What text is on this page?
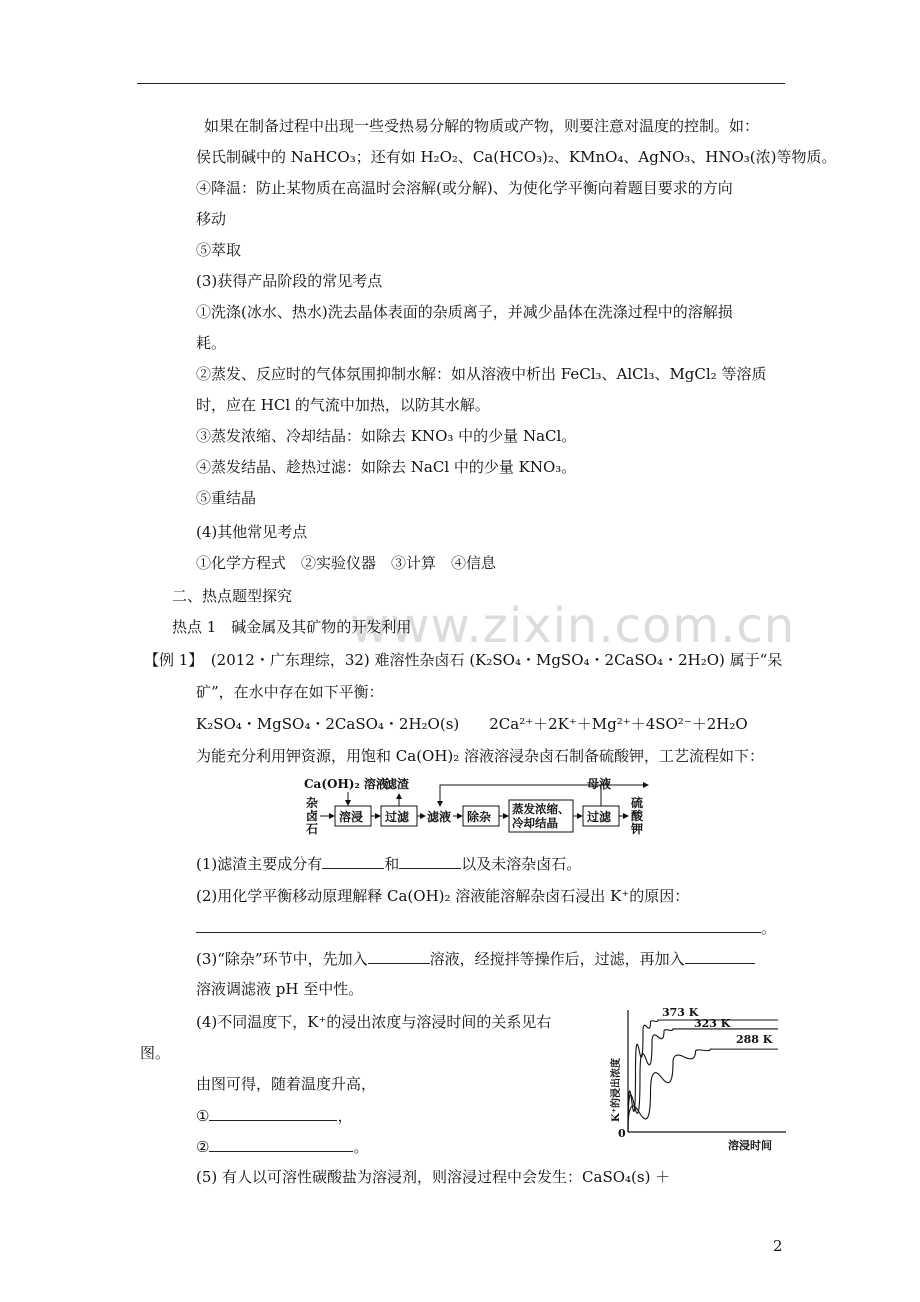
www.zixin.com.cn
如果在制备过程中出现一些受热易分解的物质或产物，则要注意对温度的控制。如：
侯氏制碱中的 NaHCO₃；还有如 H₂O₂、Ca(HCO₃)₂、KMnO₄、AgNO₃、HNO₃(浓)等物质。
④降温：防止某物质在高温时会溶解(或分解)、为使化学平衡向着题目要求的方向
移动
⑤萃取
(3)获得产品阶段的常见考点
①洗涤(冰水、热水)洗去晶体表面的杂质离子，并减少晶体在洗涤过程中的溶解损
耗。
②蒸发、反应时的气体氛围抑制水解：如从溶液中析出 FeCl₃、AlCl₃、MgCl₂ 等溶质
时，应在 HCl 的气流中加热，以防其水解。
③蒸发浓缩、冷却结晶：如除去 KNO₃ 中的少量 NaCl。
④蒸发结晶、趁热过滤：如除去 NaCl 中的少量 KNO₃。
⑤重结晶
(4)其他常见考点
①化学方程式　②实验仪器　③计算　④信息
二、热点题型探究
热点 1　碱金属及其矿物的开发利用
【例 1】　(2012・广东理综，32) 难溶性杂卤石 (K₂SO₄・MgSO₄・2CaSO₄・2H₂O) 属于“呆
矿”，在水中存在如下平衡：
K₂SO₄・MgSO₄・2CaSO₄・2H₂O(s)　　2Ca²⁺＋2K⁺＋Mg²⁺＋4SO²⁻＋2H₂O
为能充分利用钾资源，用饱和 Ca(OH)₂ 溶液溶浸杂卤石制备硫酸钾，工艺流程如下：
Ca(OH)₂ 溶液
滤渣	母液
杂
卤
石
溶浸 过滤 滤液 除杂
蒸发浓缩、
冷却结晶 过滤
硫
酸
钾
(1)滤渣主要成分有	和	以及未溶杂卤石。
(2)用化学平衡移动原理解释 Ca(OH)₂ 溶液能溶解杂卤石浸出 K⁺的原因：
。
(3)“除杂”环节中，先加入	溶液，经搅拌等操作后，过滤，再加入
溶液调滤液 pH 至中性。
(4)不同温度下，K⁺的浸出浓度与溶浸时间的关系见右
图。
由图可得，随着温度升高，
①	，
②	。
0
溶浸时间
K⁺的浸出浓度
373 K
323 K
288 K
(5) 有人以可溶性碳酸盐为溶浸剂，则溶浸过程中会发生：CaSO₄(s) ＋
2
